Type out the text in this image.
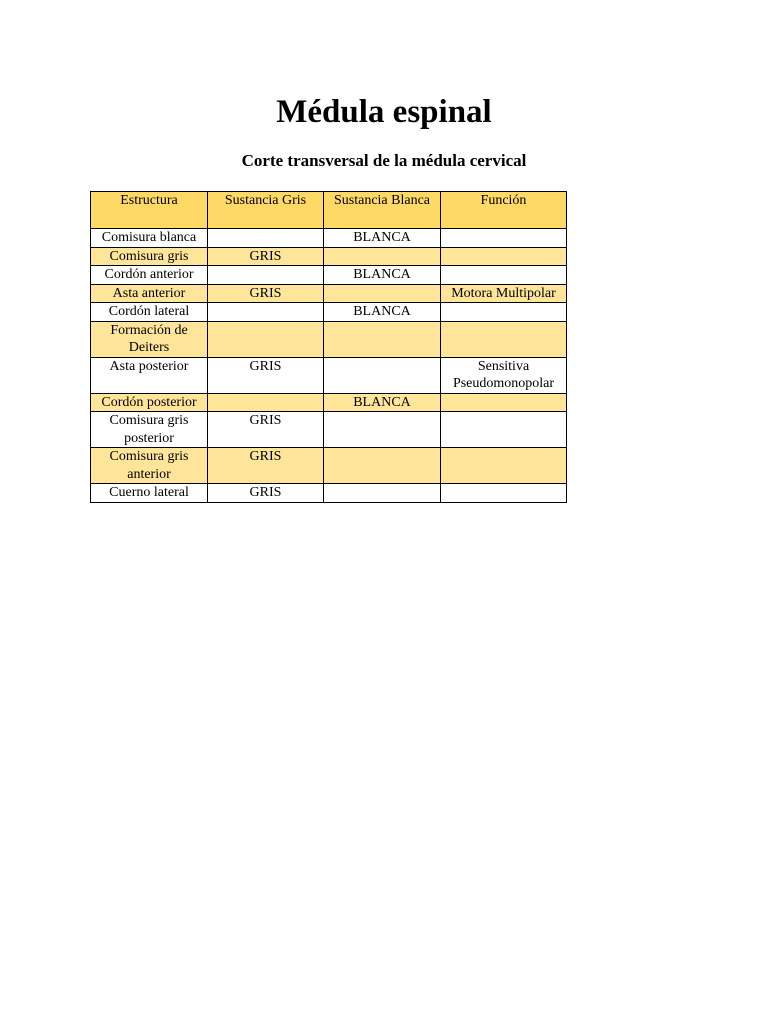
Médula espinal
Corte transversal de la médula cervical
Estructura	Sustancia Gris	Sustancia Blanca	Función
Comisura blanca		BLANCA	
Comisura gris	GRIS		
Cordón anterior		BLANCA	
Asta anterior	GRIS		Motora Multipolar
Cordón lateral		BLANCA	
Formación de Deiters			
Asta posterior	GRIS		Sensitiva Pseudomonopolar
Cordón posterior		BLANCA	
Comisura gris posterior	GRIS		
Comisura gris anterior	GRIS		
Cuerno lateral	GRIS		
